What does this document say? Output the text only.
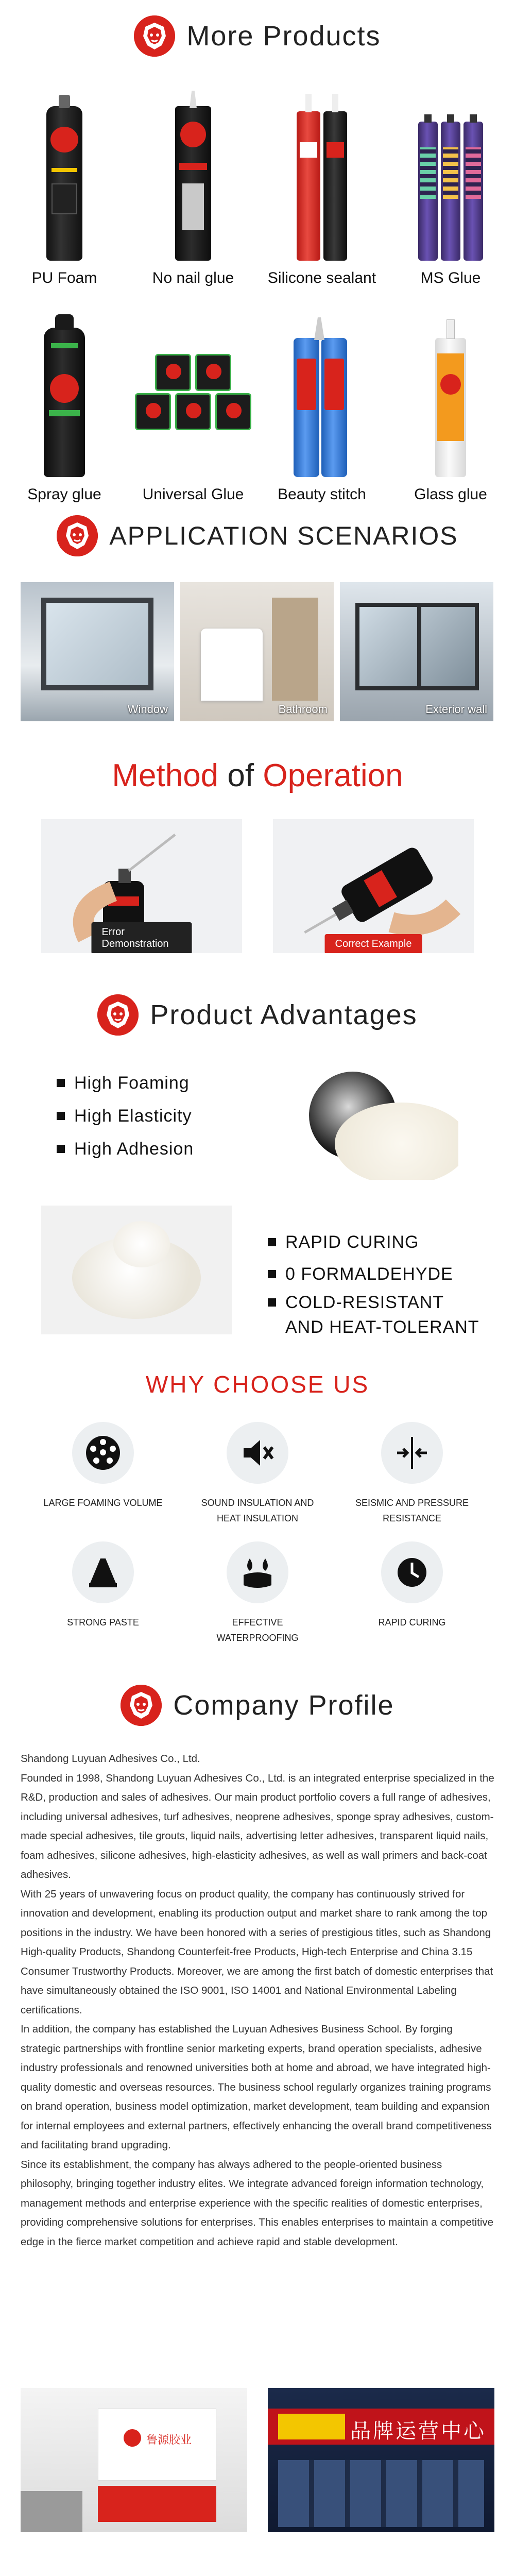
More Products
PU Foam	No nail glue Silicone sealant	MS Glue
Spray glue	Universal Glue Beauty stitch	Glass glue
APPLICATION SCENARIOS
Window	Bathroom	Exterior wall
Method of Operation
Error Demonstration	Correct Example
Product Advantages
High Foaming
High Elasticity
High Adhesion
RAPID CURING
0 FORMALDEHYDE
COLD-RESISTANT
AND HEAT-TOLERANT
WHY CHOOSE US
LARGE FOAMING VOLUME	SOUND INSULATION AND HEAT INSULATION
SEISMIC AND PRESSURE RESISTANCE
STRONG PASTE	EFFECTIVE WATERPROOFING
RAPID CURING
Company Profile

Shandong Luyuan Adhesives Co., Ltd.

Founded in 1998, Shandong Luyuan Adhesives Co., Ltd. is an integrated enterprise specialized in the R&D, production and sales of adhesives. Our main product portfolio covers a full range of adhesives, including universal adhesives, turf adhesives, neoprene adhesives, sponge spray adhesives, custom-made special adhesives, tile grouts, liquid nails, advertising letter adhesives, transparent liquid nails, foam adhesives, silicone adhesives, high-elasticity adhesives, as well as wall primers and back-coat adhesives.

With 25 years of unwavering focus on product quality, the company has continuously strived for innovation and development, enabling its production output and market share to rank among the top positions in the industry. We have been honored with a series of prestigious titles, such as Shandong High-quality Products, Shandong Counterfeit-free Products, High-tech Enterprise and China 3.15 Consumer Trustworthy Products. Moreover, we are among the first batch of domestic enterprises that have simultaneously obtained the ISO 9001, ISO 14001 and National Environmental Labeling certifications.

In addition, the company has established the Luyuan Adhesives Business School. By forging strategic partnerships with frontline senior marketing experts, brand operation specialists, adhesive industry professionals and renowned universities both at home and abroad, we have integrated high-quality domestic and overseas resources. The business school regularly organizes training programs on brand operation, business model optimization, market development, team building and expansion for internal employees and external partners, effectively enhancing the overall brand competitiveness and facilitating brand upgrading.

Since its establishment, the company has always adhered to the people-oriented business philosophy, bringing together industry elites. We integrate advanced foreign information technology, management methods and enterprise experience with the specific realities of domestic enterprises, providing comprehensive solutions for enterprises. This enables enterprises to maintain a competitive edge in the fierce market competition and achieve rapid and stable development.

鲁源胶业	品牌运营中心
